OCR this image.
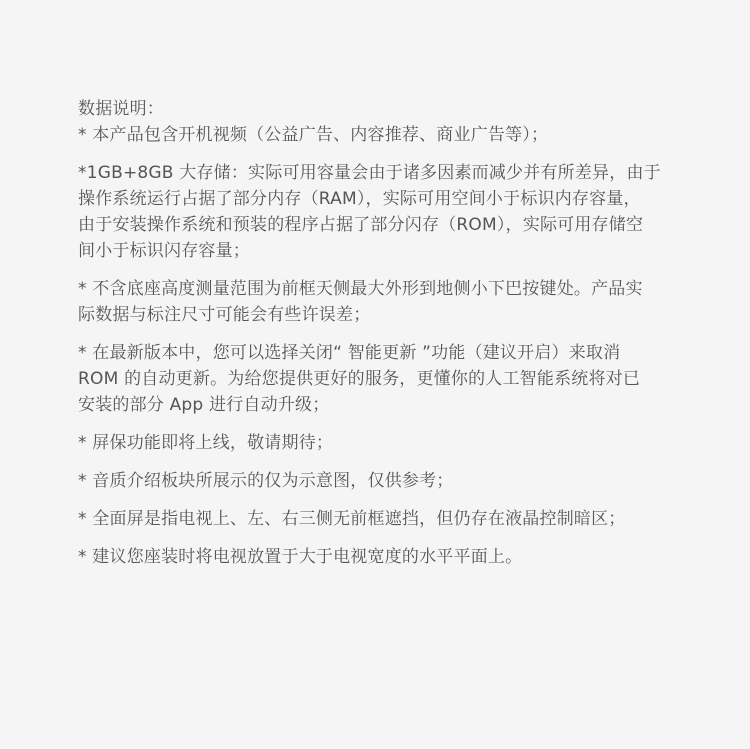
数据说明：

* 本产品包含开机视频（公益广告、内容推荐、商业广告等）；

*1GB+8GB 大存储：实际可用容量会由于诸多因素而减少并有所差异，由于
操作系统运行占据了部分内存（RAM），实际可用空间小于标识内存容量，
由于安装操作系统和预装的程序占据了部分闪存（ROM），实际可用存储空
间小于标识闪存容量；

* 不含底座高度测量范围为前框天侧最大外形到地侧小下巴按键处。产品实
际数据与标注尺寸可能会有些许误差；

* 在最新版本中，您可以选择关闭“ 智能更新 ”功能（建议开启）来取消
ROM 的自动更新。为给您提供更好的服务，更懂你的人工智能系统将对已
安装的部分 App 进行自动升级；

* 屏保功能即将上线，敬请期待；

* 音质介绍板块所展示的仅为示意图，仅供参考；

* 全面屏是指电视上、左、右三侧无前框遮挡，但仍存在液晶控制暗区；

* 建议您座装时将电视放置于大于电视宽度的水平平面上。
